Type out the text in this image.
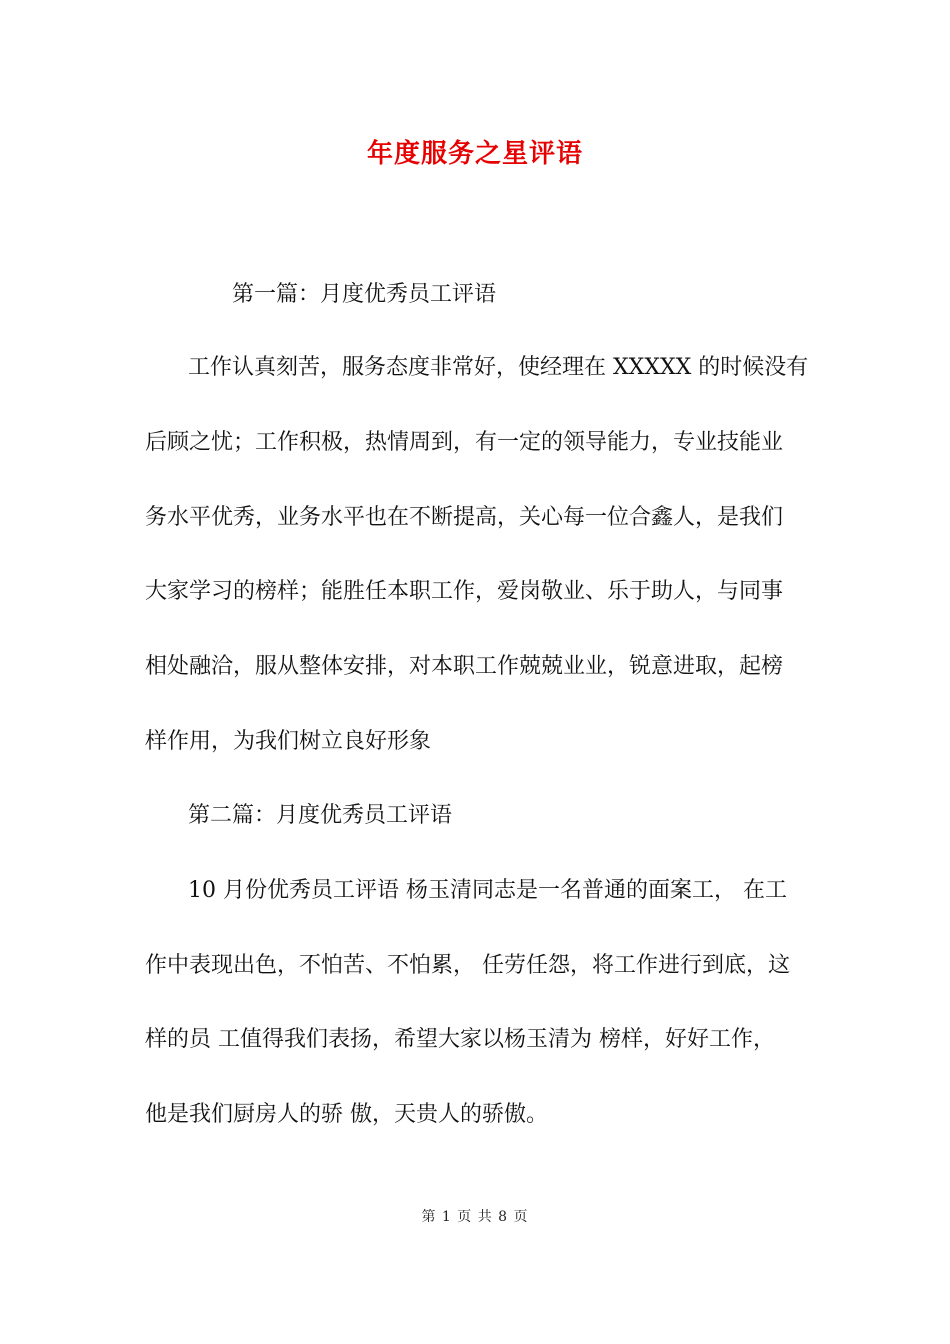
年度服务之星评语
第一篇：月度优秀员工评语
工作认真刻苦，服务态度非常好，使经理在 XXXXX 的时候没有
后顾之忧；工作积极，热情周到，有一定的领导能力，专业技能业
务水平优秀，业务水平也在不断提高，关心每一位合鑫人，是我们
大家学习的榜样；能胜任本职工作，爱岗敬业、乐于助人，与同事
相处融洽，服从整体安排，对本职工作兢兢业业，锐意进取，起榜
样作用，为我们树立良好形象
第二篇：月度优秀员工评语
10 月份优秀员工评语 杨玉清同志是一名普通的面案工， 在工
作中表现出色，不怕苦、不怕累， 任劳任怨，将工作进行到底，这
样的员 工值得我们表扬，希望大家以杨玉清为 榜样，好好工作，
他是我们厨房人的骄 傲，天贵人的骄傲。
第 1 页 共 8 页
